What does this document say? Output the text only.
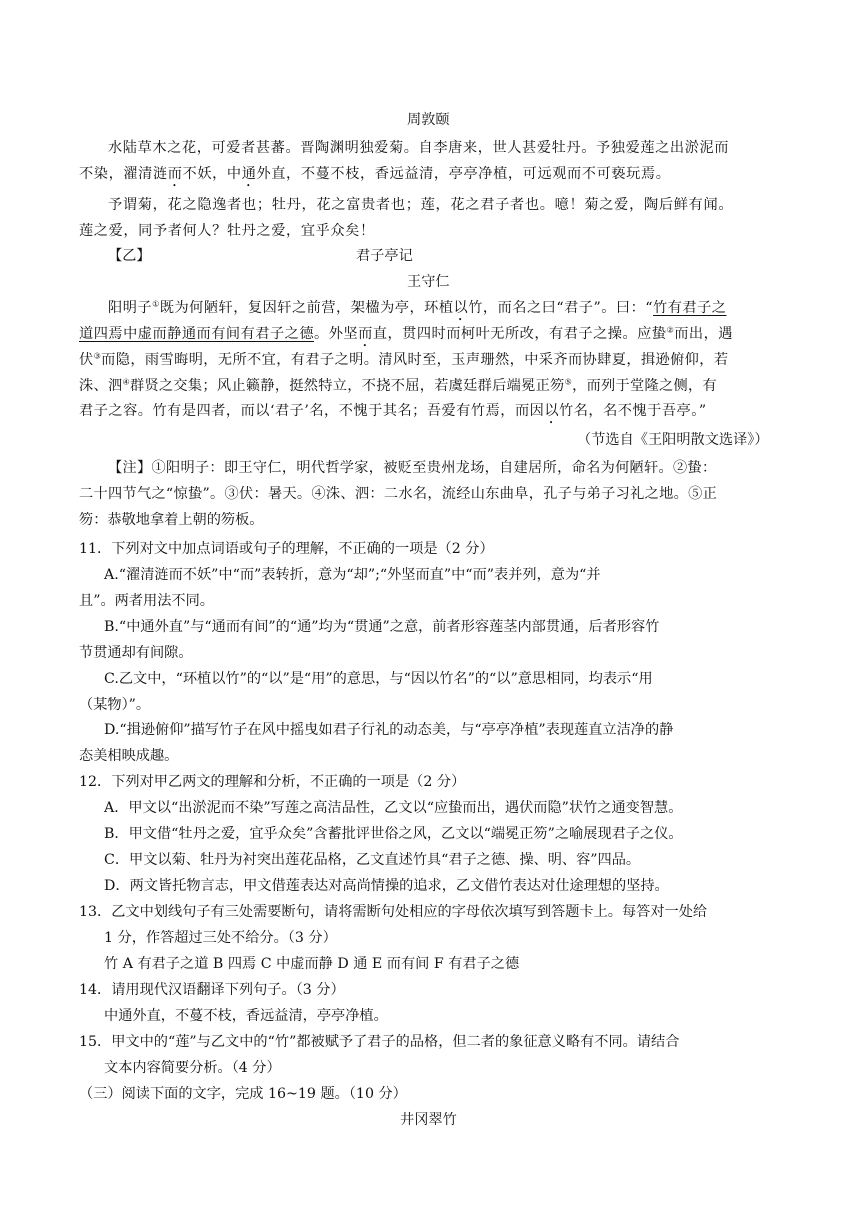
周敦颐
水陆草木之花，可爱者甚蕃。晋陶渊明独爱菊。自李唐来，世人甚爱牡丹。予独爱莲之出淤泥而
不染，濯清涟而不妖，中通外直，不蔓不枝，香远益清，亭亭净植，可远观而不可亵玩焉。
予谓菊，花之隐逸者也；牡丹，花之富贵者也；莲，花之君子者也。噫！菊之爱，陶后鲜有闻。
莲之爱，同予者何人？牡丹之爱，宜乎众矣！
【乙】	君子亭记
王守仁
阳明子①既为何陋轩，复因轩之前营，架楹为亭，环植以竹，而名之曰“君子”。曰：“竹有君子之
道四焉中虚而静通而有间有君子之德。外坚而直，贯四时而柯叶无所改，有君子之操。应蛰②而出，遇
伏③而隐，雨雪晦明，无所不宜，有君子之明。清风时至，玉声珊然，中采齐而协肆夏，揖逊俯仰，若
洙、泗④群贤之交集；风止籁静，挺然特立，不挠不屈，若虞廷群后端冕正笏⑤，而列于堂隆之侧，有
君子之容。竹有是四者，而以‘君子’名，不愧于其名；吾爱有竹焉，而因以竹名，名不愧于吾亭。”
（节选自《王阳明散文选译》）
【注】①阳明子：即王守仁，明代哲学家，被贬至贵州龙场，自建居所，命名为何陋轩。②蛰：
二十四节气之“惊蛰”。③伏：暑天。④洙、泗：二水名，流经山东曲阜，孔子与弟子习礼之地。⑤正
笏：恭敬地拿着上朝的笏板。
11．下列对文中加点词语或句子的理解，不正确的一项是（2 分）
A.“濯清涟而不妖”中“而”表转折，意为“却”;“外坚而直”中“而”表并列，意为“并
且”。两者用法不同。
B.“中通外直”与“通而有间”的“通”均为“贯通”之意，前者形容莲茎内部贯通，后者形容竹
节贯通却有间隙。
C.乙文中，“环植以竹”的“以”是“用”的意思，与“因以竹名”的“以”意思相同，均表示“用
（某物）”。
D.“揖逊俯仰”描写竹子在风中摇曳如君子行礼的动态美，与“亭亭净植”表现莲直立洁净的静
态美相映成趣。
12．下列对甲乙两文的理解和分析，不正确的一项是（2 分）
A．甲文以“出淤泥而不染”写莲之高洁品性，乙文以“应蛰而出，遇伏而隐”状竹之通变智慧。
B．甲文借“牡丹之爱，宜乎众矣”含蓄批评世俗之风，乙文以“端冕正笏”之喻展现君子之仪。
C．甲文以菊、牡丹为衬突出莲花品格，乙文直述竹具“君子之德、操、明、容”四品。
D．两文皆托物言志，甲文借莲表达对高尚情操的追求，乙文借竹表达对仕途理想的坚持。
13．乙文中划线句子有三处需要断句，请将需断句处相应的字母依次填写到答题卡上。每答对一处给
1 分，作答超过三处不给分。（3 分）
竹 A 有君子之道 B 四焉 C 中虚而静 D 通 E 而有间 F 有君子之德
14．请用现代汉语翻译下列句子。（3 分）
中通外直，不蔓不枝，香远益清，亭亭净植。
15．甲文中的“莲”与乙文中的“竹”都被赋予了君子的品格，但二者的象征意义略有不同。请结合
文本内容简要分析。（4 分）
（三）阅读下面的文字，完成 16~19 题。（10 分）
井冈翠竹
